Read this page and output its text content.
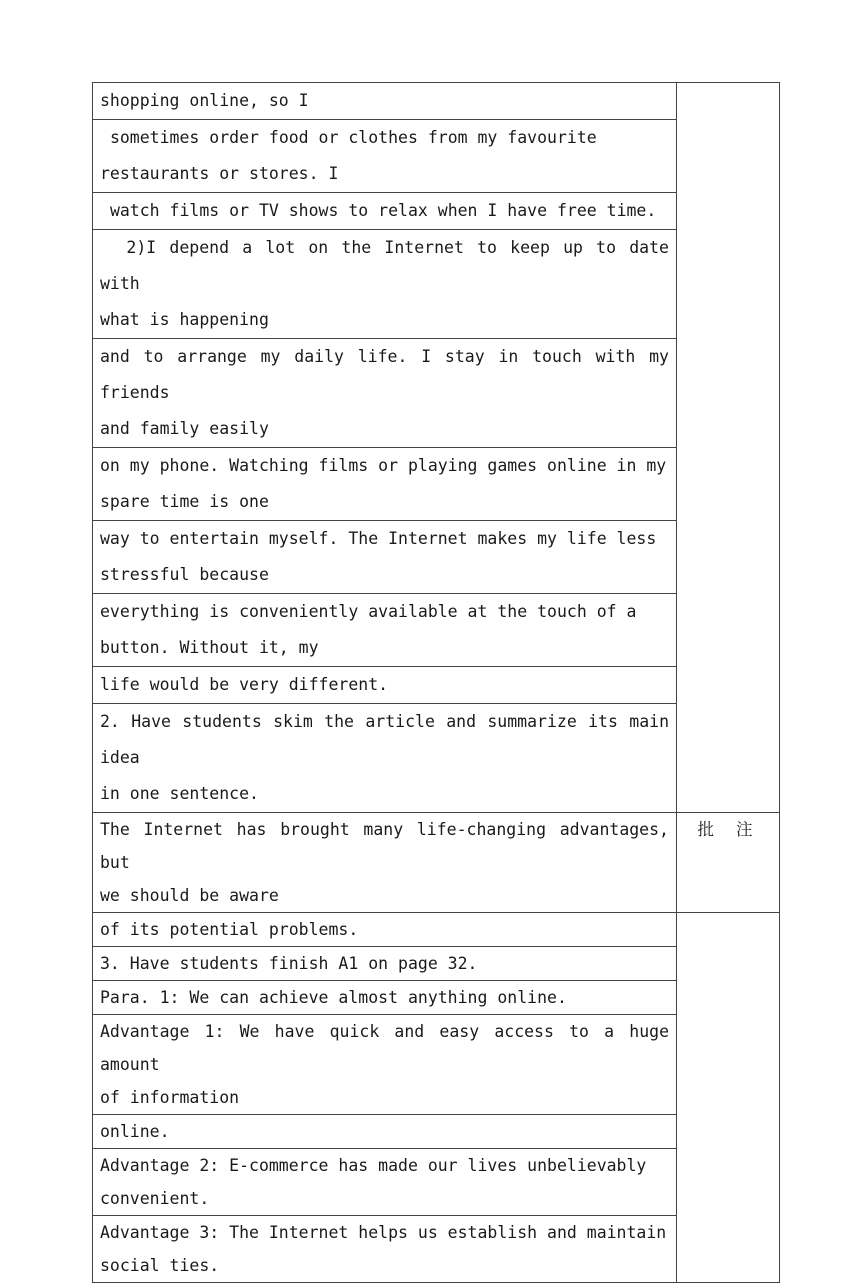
shopping online, so I	

sometimes order food or clothes from my favourite
restaurants or stores. I	

watch films or TV shows to relax when I have free time.	

2)I depend a lot on the Internet to keep up to date with
what is happening	

and to arrange my daily life. I stay in touch with my friends
and family easily	

on my phone. Watching films or playing games online in my
spare time is one	

way to entertain myself. The Internet makes my life less
stressful because	

everything is conveniently available at the touch of a
button. Without it, my	

life would be very different.	

2. Have students skim the article and summarize its main idea
in one sentence.	

The Internet has brought many life-changing advantages, but
we should be aware	批 注

of its potential problems.	

3. Have students finish A1 on page 32.	

Para. 1: We can achieve almost anything online.	

Advantage 1: We have quick and easy access to a huge amount
of information	

online.	

Advantage 2: E-commerce has made our lives unbelievably
convenient.	

Advantage 3: The Internet helps us establish and maintain
social ties.	
